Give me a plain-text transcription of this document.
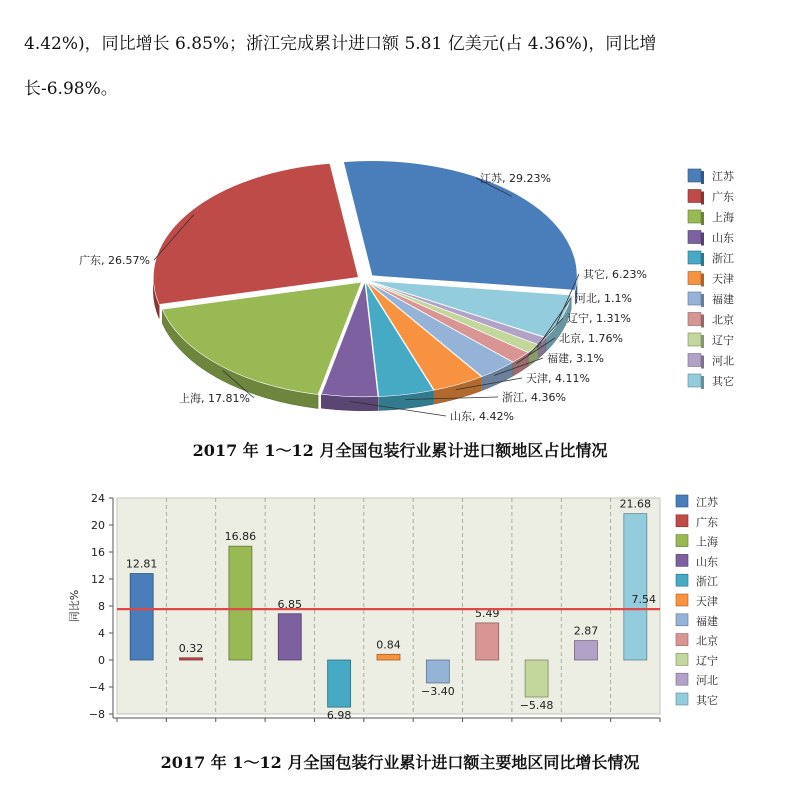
4.42%)，同比增长 6.85%；浙江完成累计进口额 5.81 亿美元(占 4.36%)，同比增

长-6.98%。

江苏, 29.23%
其它, 6.23%
河北, 1.1%
辽宁, 1.31%
北京, 1.76%
福建, 3.1%
天津, 4.11%
浙江, 4.36%
山东, 4.42%
上海, 17.81%
广东, 26.57%
江苏
广东
上海
山东
浙江
天津
福建
北京
辽宁
河北
其它
2017 年 1～12 月全国包装行业累计进口额地区占比情况
24
20
16
12
8
4
0
−4
−8
同比%
12.81
0.32
16.86
6.85
6.98
0.84
−3.40
5.49
−5.48
2.87
21.68
7.54
江苏
广东
上海
山东
浙江
天津
福建
北京
辽宁
河北
其它
2017 年 1～12 月全国包装行业累计进口额主要地区同比增长情况
